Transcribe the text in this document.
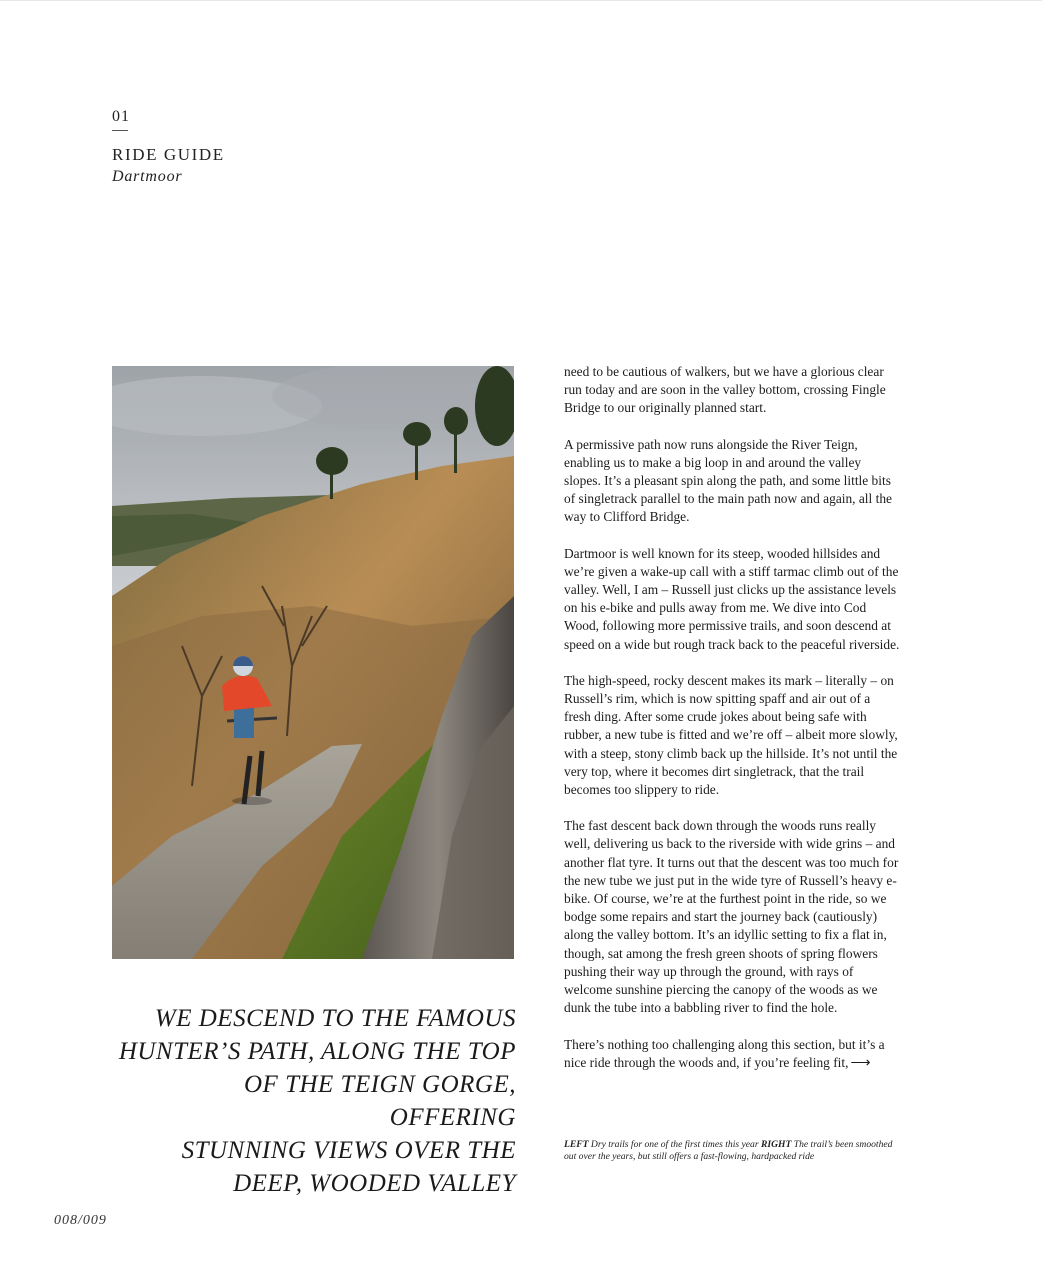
01
RIDE GUIDE
Dartmoor
WE DESCEND TO THE FAMOUS
HUNTER’S PATH, ALONG THE TOP
OF THE TEIGN GORGE, OFFERING
STUNNING VIEWS OVER THE
DEEP, WOODED VALLEY

need to be cautious of walkers, but we have a glorious clear run today and are soon in the valley bottom, crossing Fingle Bridge to our originally planned start.

A permissive path now runs alongside the River Teign, enabling us to make a big loop in and around the valley slopes. It’s a pleasant spin along the path, and some little bits of singletrack parallel to the main path now and again, all the way to Clifford Bridge.

Dartmoor is well known for its steep, wooded hillsides and we’re given a wake-up call with a stiff tarmac climb out of the valley. Well, I am – Russell just clicks up the assistance levels on his e-bike and pulls away from me. We dive into Cod Wood, following more permissive trails, and soon descend at speed on a wide but rough track back to the peaceful riverside.

The high-speed, rocky descent makes its mark – literally – on Russell’s rim, which is now spitting spaff and air out of a fresh ding. After some crude jokes about being safe with rubber, a new tube is fitted and we’re off – albeit more slowly, with a steep, stony climb back up the hillside. It’s not until the very top, where it becomes dirt singletrack, that the trail becomes too slippery to ride.

The fast descent back down through the woods runs really well, delivering us back to the riverside with wide grins – and another flat tyre. It turns out that the descent was too much for the new tube we just put in the wide tyre of Russell’s heavy e-bike. Of course, we’re at the furthest point in the ride, so we bodge some repairs and start the journey back (cautiously) along the valley bottom. It’s an idyllic setting to fix a flat in, though, sat among the fresh green shoots of spring flowers pushing their way up through the ground, with rays of welcome sunshine piercing the canopy of the woods as we dunk the tube into a babbling river to find the hole.

There’s nothing too challenging along this section, but it’s a nice ride through the woods and, if you’re feeling fit, ⟶

LEFT Dry trails for one of the first times this year RIGHT The trail’s been smoothed out over the years, but still offers a fast-flowing, hardpacked ride
008/009
